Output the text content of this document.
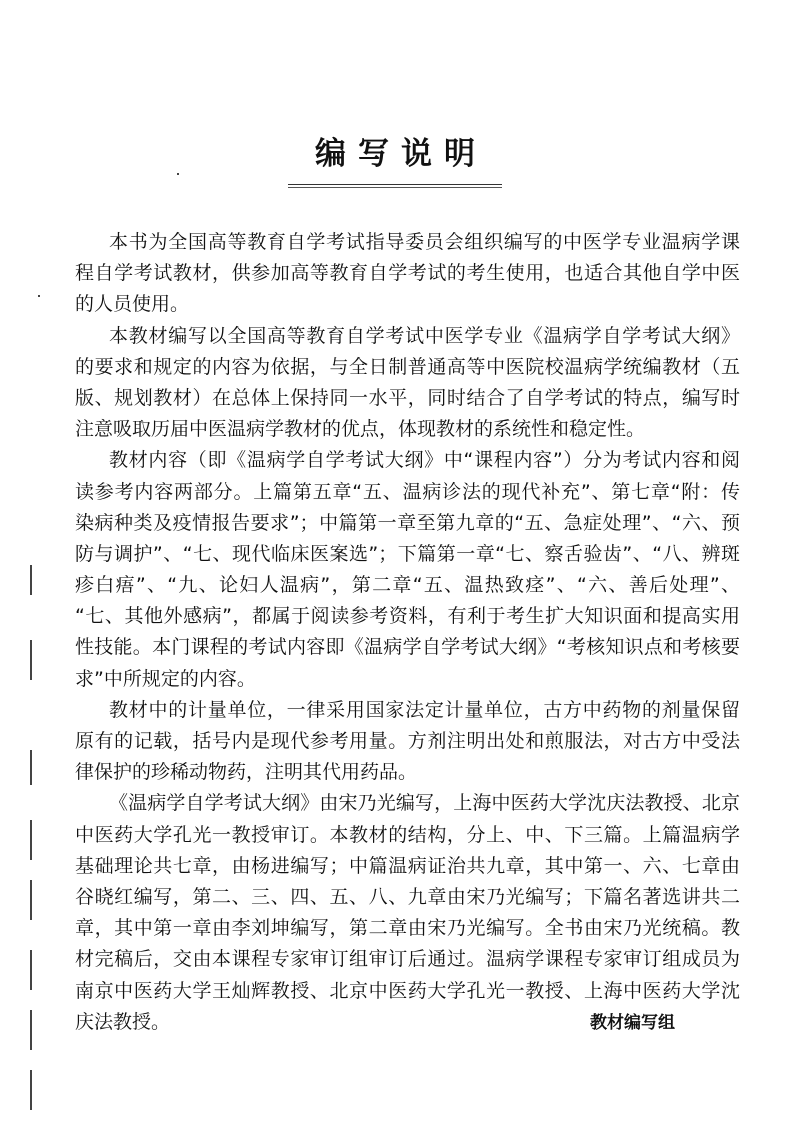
编写说明
本书为全国高等教育自学考试指导委员会组织编写的中医学专业温病学课
程自学考试教材，供参加高等教育自学考试的考生使用，也适合其他自学中医
的人员使用。
本教材编写以全国高等教育自学考试中医学专业《温病学自学考试大纲》
的要求和规定的内容为依据，与全日制普通高等中医院校温病学统编教材（五
版、规划教材）在总体上保持同一水平，同时结合了自学考试的特点，编写时
注意吸取历届中医温病学教材的优点，体现教材的系统性和稳定性。
教材内容（即《温病学自学考试大纲》中“课程内容”）分为考试内容和阅
读参考内容两部分。上篇第五章“五、温病诊法的现代补充”、第七章“附：传
染病种类及疫情报告要求”；中篇第一章至第九章的“五、急症处理”、“六、预
防与调护”、“七、现代临床医案选”；下篇第一章“七、察舌验齿”、“八、辨斑
疹白痦”、“九、论妇人温病”，第二章“五、温热致痉”、“六、善后处理”、
“七、其他外感病”，都属于阅读参考资料，有利于考生扩大知识面和提高实用
性技能。本门课程的考试内容即《温病学自学考试大纲》“考核知识点和考核要
求”中所规定的内容。
教材中的计量单位，一律采用国家法定计量单位，古方中药物的剂量保留
原有的记载，括号内是现代参考用量。方剂注明出处和煎服法，对古方中受法
律保护的珍稀动物药，注明其代用药品。
《温病学自学考试大纲》由宋乃光编写，上海中医药大学沈庆法教授、北京
中医药大学孔光一教授审订。本教材的结构，分上、中、下三篇。上篇温病学
基础理论共七章，由杨进编写；中篇温病证治共九章，其中第一、六、七章由
谷晓红编写，第二、三、四、五、八、九章由宋乃光编写；下篇名著选讲共二
章，其中第一章由李刘坤编写，第二章由宋乃光编写。全书由宋乃光统稿。教
材完稿后，交由本课程专家审订组审订后通过。温病学课程专家审订组成员为
南京中医药大学王灿辉教授、北京中医药大学孔光一教授、上海中医药大学沈
庆法教授。	教材编写组
